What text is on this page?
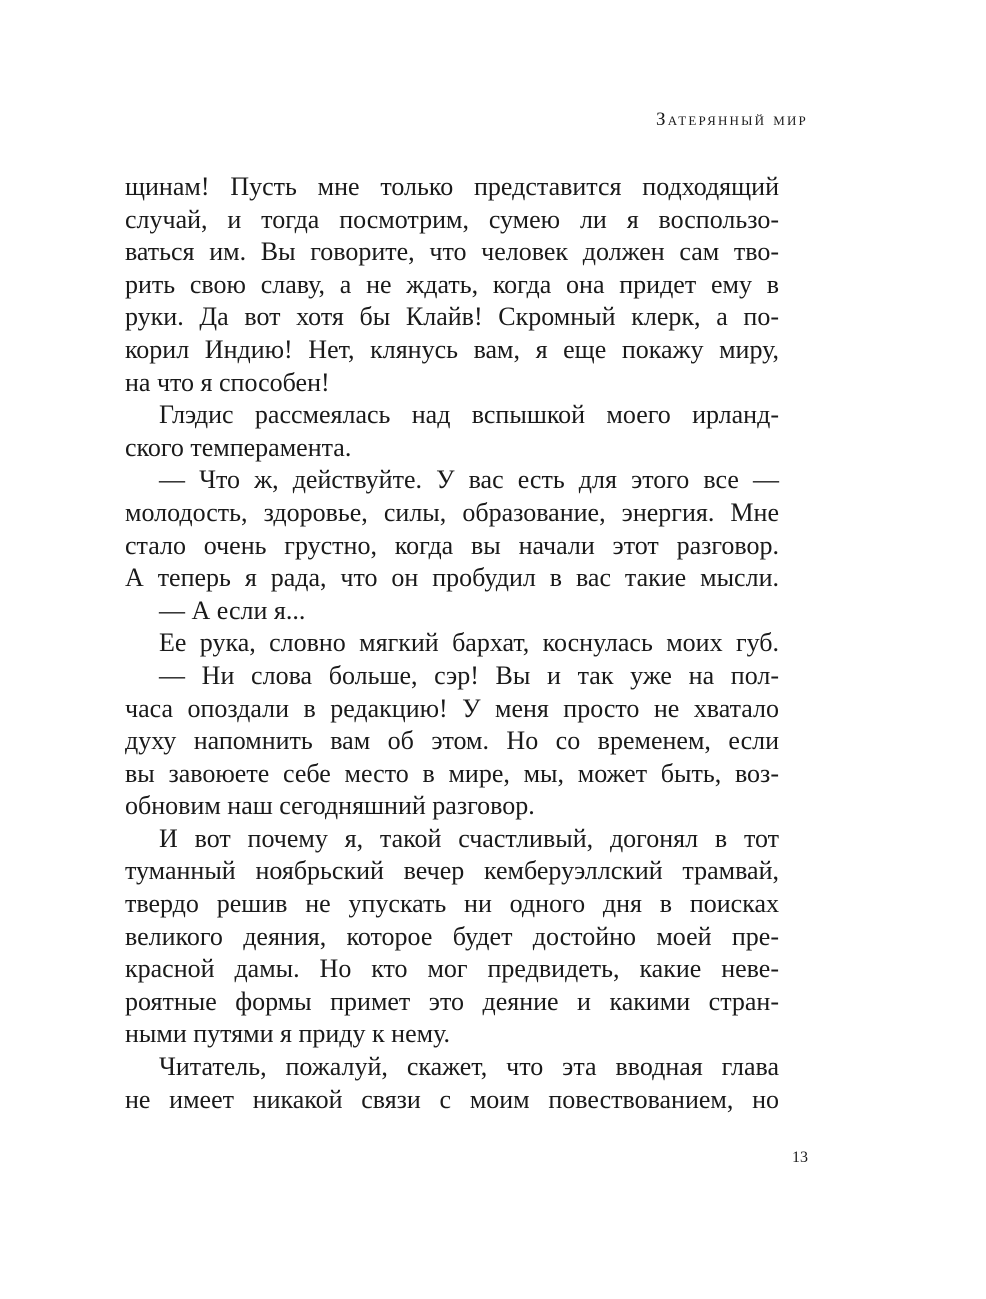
Затерянный мир
щинам! Пусть мне только представится подходящий
случай, и тогда посмотрим, сумею ли я воспользо-
ваться им. Вы говорите, что человек должен сам тво-
рить свою славу, а не ждать, когда она придет ему в
руки. Да вот хотя бы Клайв! Скромный клерк, а по-
корил Индию! Нет, клянусь вам, я еще покажу миру,
на что я способен!
Глэдис рассмеялась над вспышкой моего ирланд-
ского темперамента.
— Что ж, действуйте. У вас есть для этого все —
молодость, здоровье, силы, образование, энергия. Мне
стало очень грустно, когда вы начали этот разговор.
А теперь я рада, что он пробудил в вас такие мысли.
— А если я...
Ее рука, словно мягкий бархат, коснулась моих губ.
— Ни слова больше, сэр! Вы и так уже на пол-
часа опоздали в редакцию! У меня просто не хватало
духу напомнить вам об этом. Но со временем, если
вы завоюете себе место в мире, мы, может быть, воз-
обновим наш сегодняшний разговор.
И вот почему я, такой счастливый, догонял в тот
туманный ноябрьский вечер кемберуэллский трамвай,
твердо решив не упускать ни одного дня в поисках
великого деяния, которое будет достойно моей пре-
красной дамы. Но кто мог предвидеть, какие неве-
роятные формы примет это деяние и какими стран-
ными путями я приду к нему.
Читатель, пожалуй, скажет, что эта вводная глава
не имеет никакой связи с моим повествованием, но
13
